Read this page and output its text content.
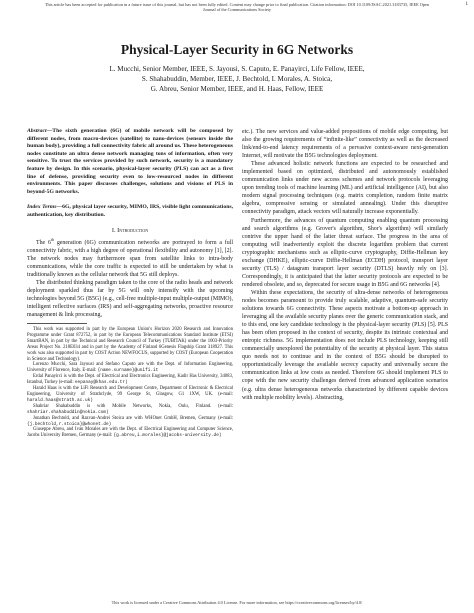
This article has been accepted for publication in a future issue of this journal, but has not been fully edited. Content may change prior to final publication. Citation information: DOI 10.1109/JSAC.2021.3183735, IEEE Open
Journal of the Communications Society
1
Physical-Layer Security in 6G Networks
L. Mucchi, Senior Member, IEEE, S. Jayousi, S. Caputo, E. Panayirci, Life Fellow, IEEE,
S. Shahabuddin, Member, IEEE, J. Bechtold, I. Morales, A. Stoica,
G. Abreu, Senior Member, IEEE, and H. Haas, Fellow, IEEE
Abstract—The sixth generation (6G) of mobile network will be composed by different nodes, from macro-devices (satellite) to nano-devices (sensors inside the human body), providing a full connectivity fabric all around us. These heterogeneous nodes constitute an ultra dense network managing tons of information, often very sensitive. To trust the services provided by such network, security is a mandatory feature by design. In this scenario, physical-layer security (PLS) can act as a first line of defense, providing security even to low-resourced nodes in different environments. This paper discusses challenges, solutions and visions of PLS in beyond-5G networks.
Index Terms—6G, physical layer security, MIMO, IRS, visible light communications, authentication, key distribution.
I. Introduction

The 6th generation (6G) communication networks are portrayed to form a full connectivity fabric, with a high degree of operational flexibility and autonomy [1], [2]. The network nodes may furthermore span from satellite links to intra-body communications, while the core traffic is expected to still be undertaken by what is traditionally known as the cellular network that 5G still deploys.

The distributed thinking paradigm taken to the core of the radio heads and network deployment sparkled thus far by 5G will only intensify with the upcoming technologies beyond 5G (B5G) (e.g., cell-free multiple-input multiple-output (MIMO), intelligent reflective surfaces (IRS) and self-aggregating networks, proactive resource management & link processing,

This work was supported in part by the European Union's Horizon 2020 Research and Innovation Programme under Grant 872752, in part by the European Telecommunications Standard Institute (ETSI) SmartBAN, in part by the Technical and Research Council of Turkey (TUBITAK) under the 1003-Priority Areas Project No. 218E034 and in part by the Academy of Finland 6Genesis Flagship Grant 318927. This work was also supported in part by COST Action NEWFOCUS, supported by COST (European Cooperation in Science and Technology).

Lorenzo Mucchi, Sara Jayousi and Stefano Caputo are with the Dept. of Information Engineering, University of Florence, Italy. E-mail: {name.surname}@unifi.it

Erdal Panayirci is with the Dept. of Electrical and Electronics Engineering, Kadir Has University, 34083, Istanbul, Turkey (e-mail: eepanay@khas.edu.tr)

Harald Haas is with the LiFi Research and Development Centre, Department of Electronic & Electrical Engineering, University of Strathclyde, 99 George St, Glasgow, G1 1XW, UK. (e-mail: harald.haas@strath.ac.uk)

Shahriar Shahabuddin is with Mobile Networks, Nokia, Oulu, Finland. (e-mail: shahriar.shahabuddin@nokia.com)

Jonathan Bechtold, and Razvan-Andrei Stoica are with WHOnet GmbH, Bremen, Germany (e-mail: {j.bechtold,r.stoica}@whonet.de)

Giuseppe Abreu, and Iván Morales are with the Dept. of Electrical Engineering and Computer Science, Jacobs University Bremen, Germany (e-mail: {g.abreu,i.morales}@jacobs-university.de)

etc.). The new services and value-added propositions of mobile edge computing, but also the growing requirements of “infinite-like” connectivity as well as the decreased link/end-to-end latency requirements of a pervasive context-aware next-generation Internet, will motivate the B5G technologies deployment.

These advanced holistic network functions are expected to be researched and implemented based on optimized, distributed and autonomously established communication links under new access schemes and network protocols leveraging upon trending tools of machine learning (ML) and artificial intelligence (AI), but also modern signal processing techniques (e.g. matrix completion, random finite matrix algebra, compressive sensing or simulated annealing). Under this disruptive connectivity paradigm, attack vectors will naturally increase exponentially.

Furthermore, the advances of quantum computing enabling quantum processing and search algorithms (e.g. Grover's algorithm, Shor's algorithm) will similarly contrive the upper hand of the latter threat surface. The progress in the area of computing will inadvertently exploit the discrete logarithm problem that current cryptographic mechanisms such as elliptic-curve cryptography, Diffie-Hellman key exchange (DHKE), elliptic-curve Diffie-Hellman (ECDH) protocol, transport layer security (TLS) / datagram transport layer security (DTLS) heavily rely on [3]. Correspondingly, it is anticipated that the latter security protocols are expected to be rendered obsolete, and so, deprecated for secure usage in B5G and 6G networks [4].

Within these expectations, the security of ultra-dense networks of heterogeneous nodes becomes paramount to provide truly scalable, adaptive, quantum-safe security solutions towards 6G connectivity. These aspects motivate a bottom-up approach in leveraging all the available security planes over the generic communication stack, and to this end, one key candidate technology is the physical-layer security (PLS) [5]. PLS has been often proposed in the context of security, despite its intrinsic contextual and entropic richness. 5G implementation does not include PLS technology, keeping still commercially unexplored the potentiality of the security at physical layer. This status quo needs not to continue and in the context of B5G should be disrupted to opportunistically leverage the available secrecy capacity and universally secure the communication links at low costs as needed. Therefore 6G should implement PLS to cope with the new security challenges derived from advanced application scenarios (e.g. ultra dense heterogeneous networks characterized by different capable devices with multiple mobility levels). Abstracting,

This work is licensed under a Creative Commons Attribution 4.0 License. For more information, see https://creativecommons.org/licenses/by/4.0/
